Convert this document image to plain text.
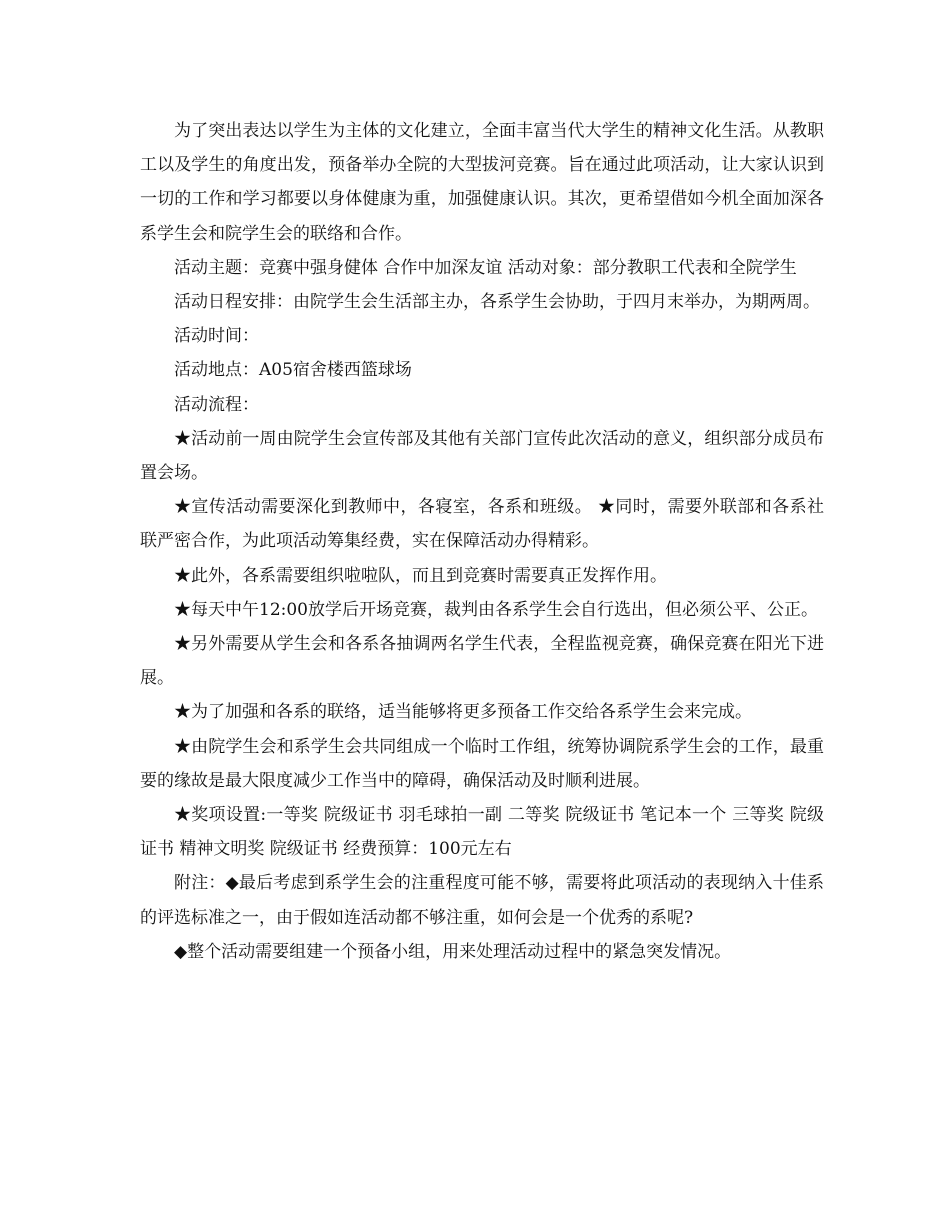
为了突出表达以学生为主体的文化建立，全面丰富当代大学生的精神文化生活。从教职工以及学生的角度出发，预备举办全院的大型拔河竞赛。旨在通过此项活动，让大家认识到一切的工作和学习都要以身体健康为重，加强健康认识。其次，更希望借如今机全面加深各系学生会和院学生会的联络和合作。

活动主题：竞赛中强身健体 合作中加深友谊 活动对象：部分教职工代表和全院学生

活动日程安排：由院学生会生活部主办，各系学生会协助，于四月末举办，为期两周。

活动时间：

活动地点：A05宿舍楼西篮球场

活动流程：

★活动前一周由院学生会宣传部及其他有关部门宣传此次活动的意义，组织部分成员布置会场。

★宣传活动需要深化到教师中，各寝室，各系和班级。 ★同时，需要外联部和各系社联严密合作，为此项活动筹集经费，实在保障活动办得精彩。

★此外，各系需要组织啦啦队，而且到竞赛时需要真正发挥作用。

★每天中午12:00放学后开场竞赛，裁判由各系学生会自行选出，但必须公平、公正。

★另外需要从学生会和各系各抽调两名学生代表，全程监视竞赛，确保竞赛在阳光下进展。

★为了加强和各系的联络，适当能够将更多预备工作交给各系学生会来完成。

★由院学生会和系学生会共同组成一个临时工作组，统筹协调院系学生会的工作，最重要的缘故是最大限度减少工作当中的障碍，确保活动及时顺利进展。

★奖项设置:一等奖 院级证书 羽毛球拍一副 二等奖 院级证书 笔记本一个 三等奖 院级证书 精神文明奖 院级证书 经费预算：100元左右

附注：◆最后考虑到系学生会的注重程度可能不够，需要将此项活动的表现纳入十佳系的评选标准之一，由于假如连活动都不够注重，如何会是一个优秀的系呢?

◆整个活动需要组建一个预备小组，用来处理活动过程中的紧急突发情况。
